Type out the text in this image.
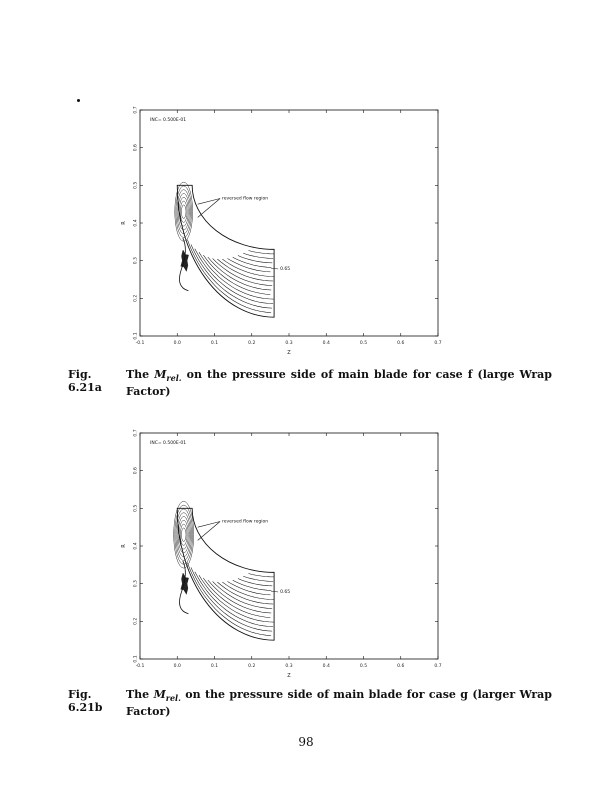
-0.1	0.0	0.1	0.2	0.3	0.4	0.5	0.6	0.7
0.1
0.2
0.3
0.4
0.5
0.6
0.7
Z
R
INC= 0.500E-01
reversed flow region
0.65
Fig. 6.21a
The $M_{rel.}$ on the pressure side of main blade for case f (large Wrap Factor)
-0.1	0.0	0.1	0.2	0.3	0.4	0.5	0.6	0.7
0.1
0.2
0.3
0.4
0.5
0.6
0.7
Z
R
INC= 0.500E-01
reversed flow region
0.65
Fig. 6.21b
The $M_{rel.}$ on the pressure side of main blade for case g (larger Wrap Factor)
98
